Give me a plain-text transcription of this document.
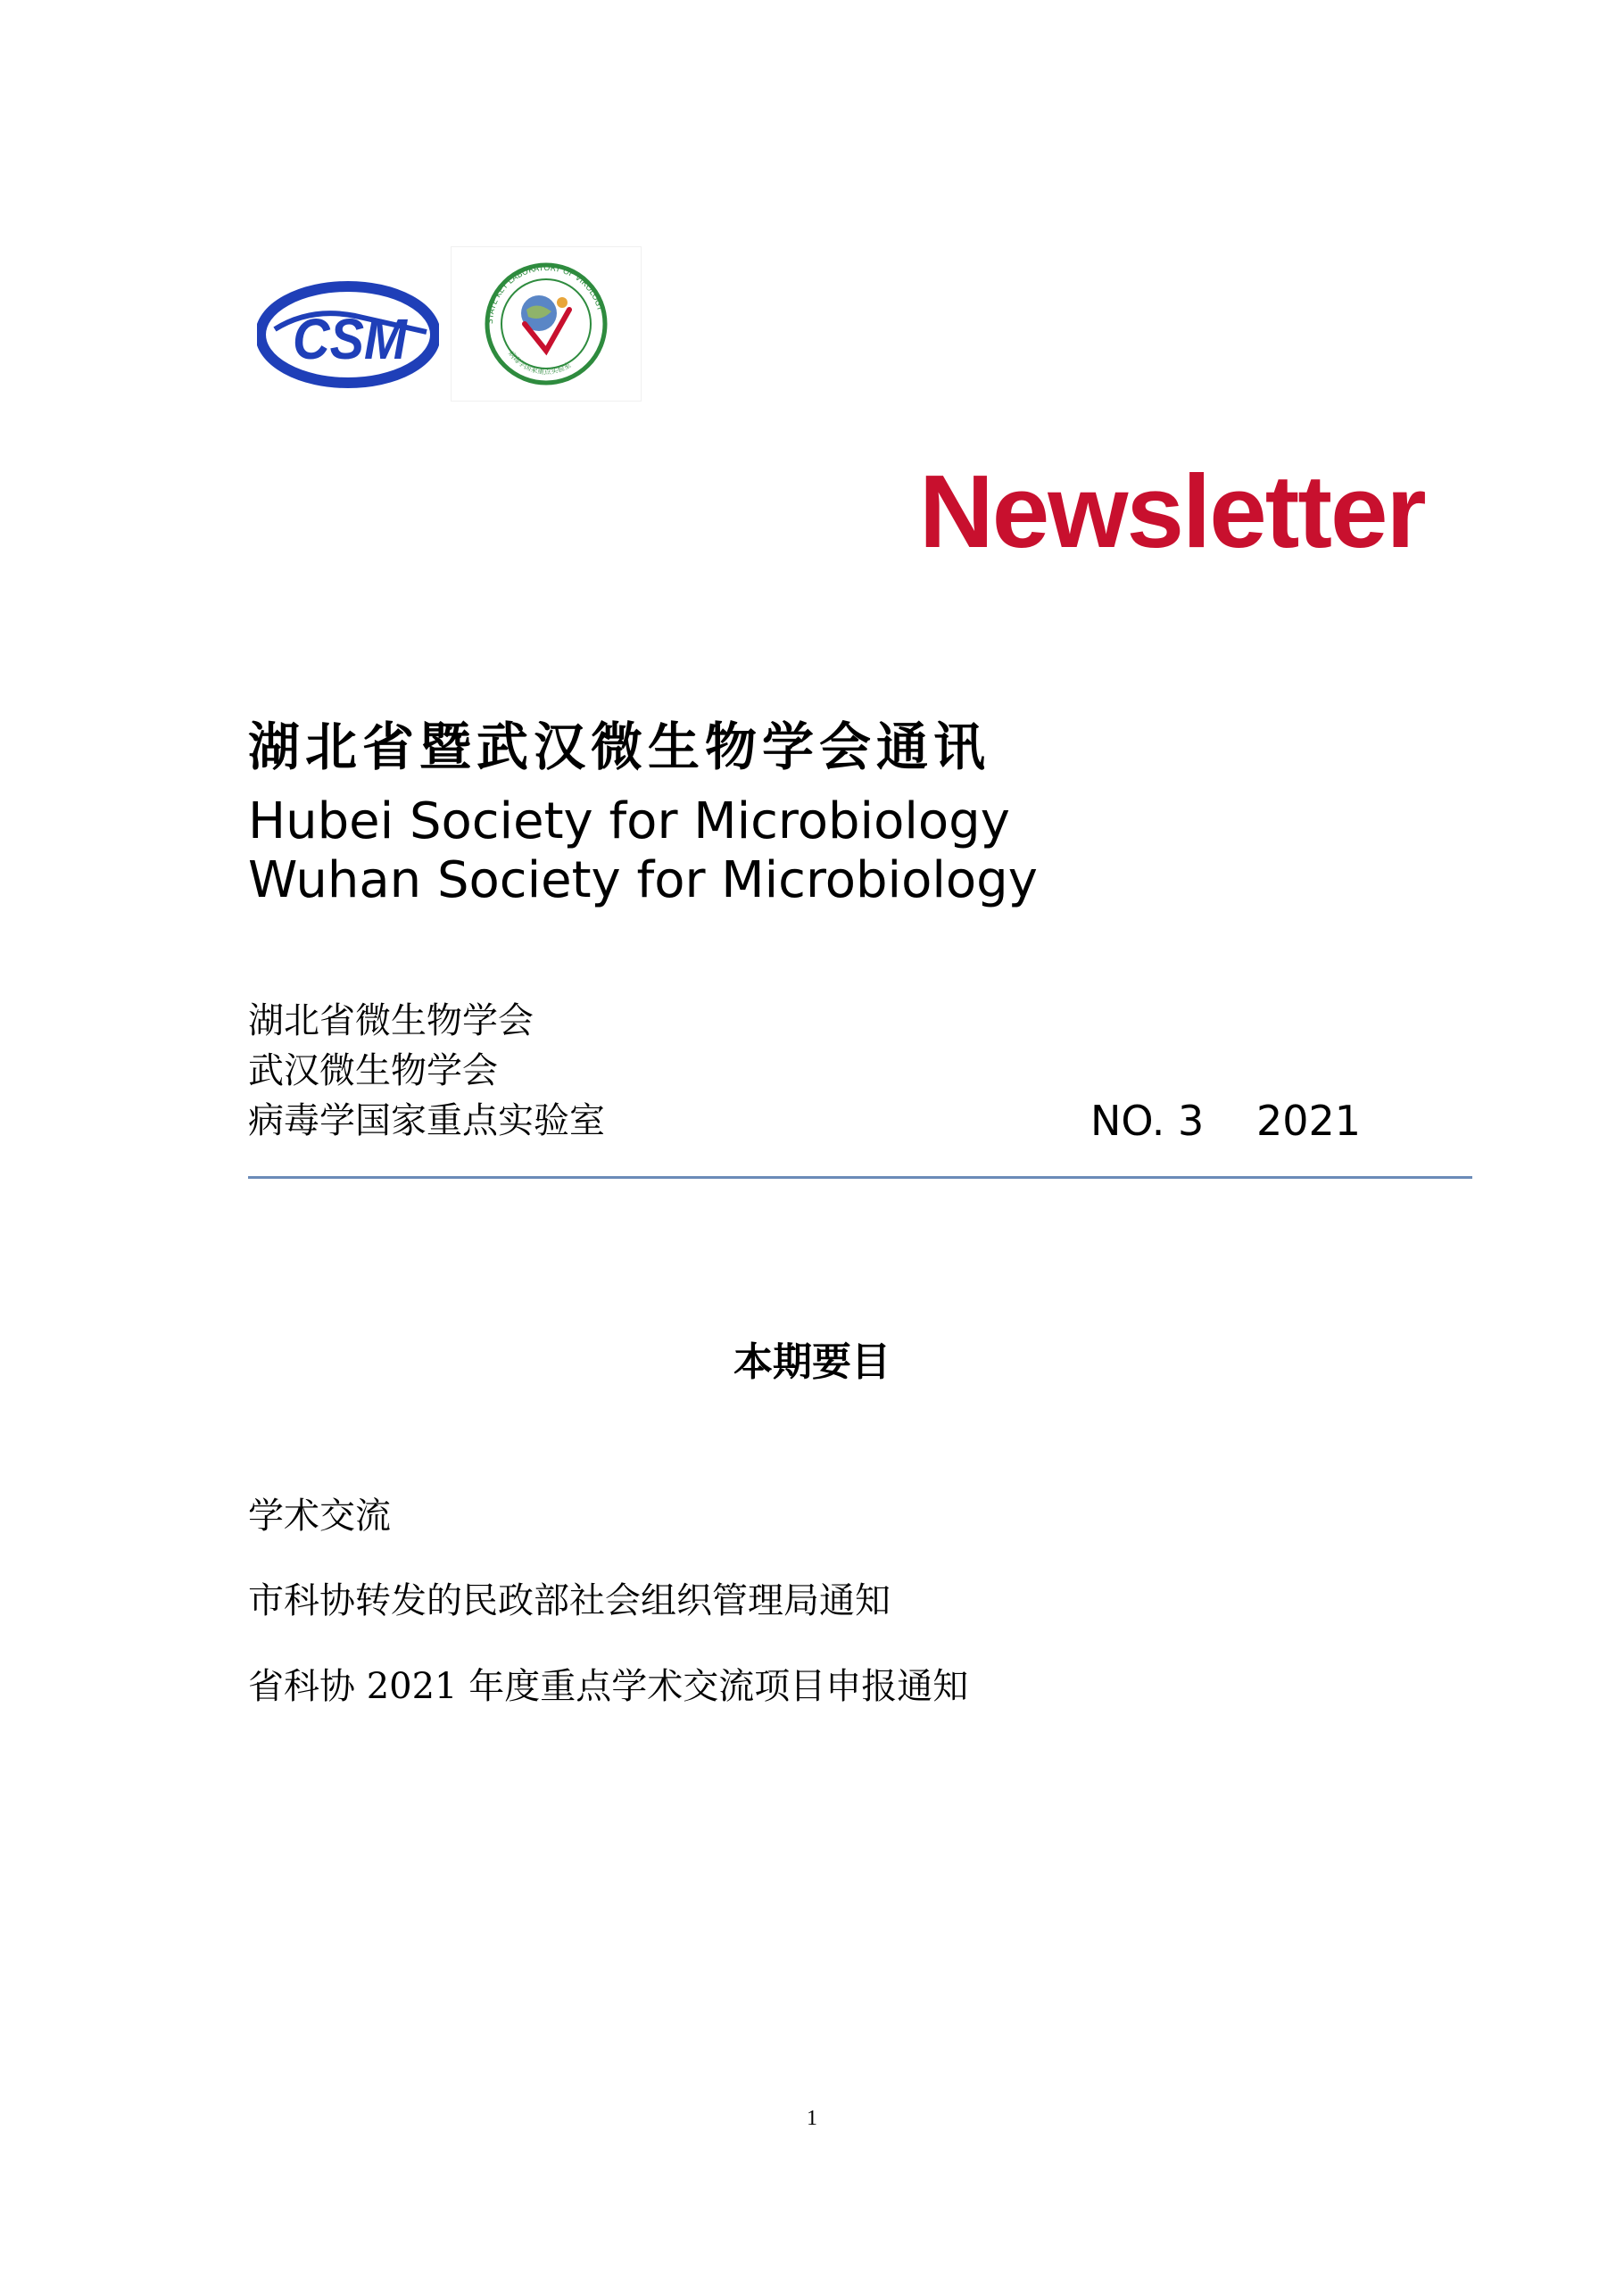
CSM	STATE KEY LABORATORY OF VIROLOGY
病毒学国家重点实验室
Newsletter
湖北省暨武汉微生物学会通讯
Hubei Society for Microbiology
Wuhan Society for Microbiology
湖北省微生物学会
武汉微生物学会
病毒学国家重点实验室	NO. 3 2021
本期要目
学术交流
市科协转发的民政部社会组织管理局通知
省科协 2021 年度重点学术交流项目申报通知
1
